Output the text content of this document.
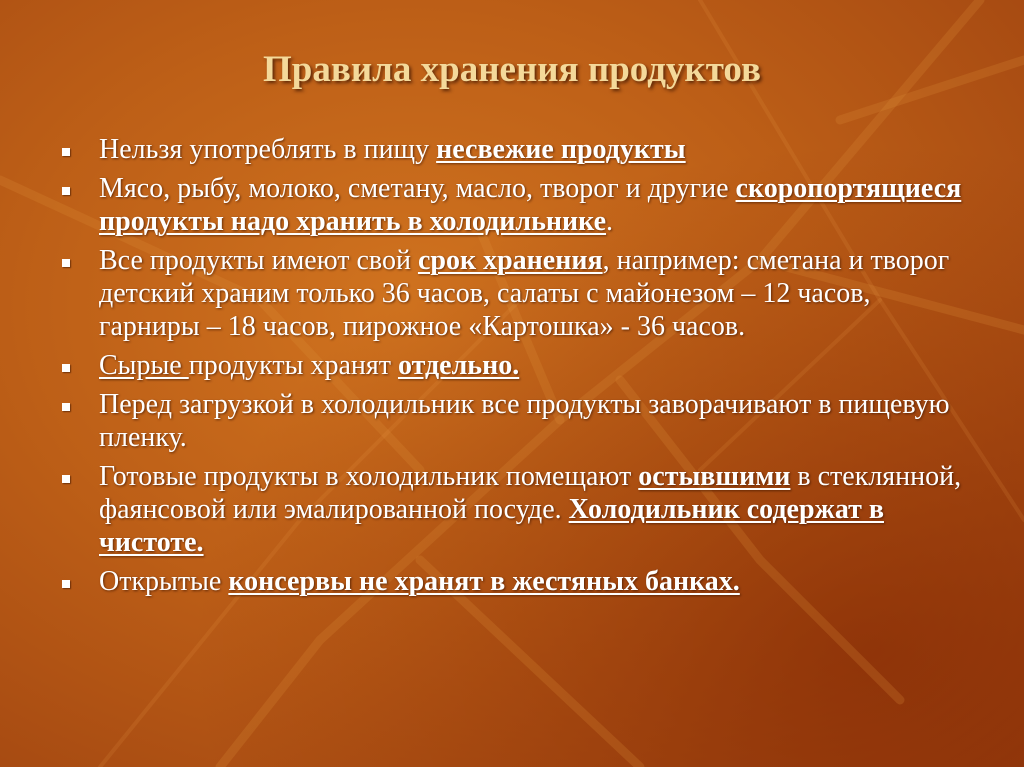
Правила хранения продуктов
Нельзя употреблять в пищу несвежие продукты
Мясо, рыбу, молоко, сметану, масло, творог и другие скоропортящиеся продукты надо хранить в холодильнике.
Все продукты имеют свой срок хранения, например: сметана и творог детский храним только 36 часов, салаты с майонезом – 12 часов, гарниры – 18 часов, пирожное «Картошка» - 36 часов.
Сырые продукты хранят отдельно.
Перед загрузкой в холодильник все продукты заворачивают в пищевую пленку.
Готовые продукты в холодильник помещают остывшими в стеклянной, фаянсовой или эмалированной посуде. Холодильник содержат в чистоте.
Открытые консервы не хранят в жестяных банках.
